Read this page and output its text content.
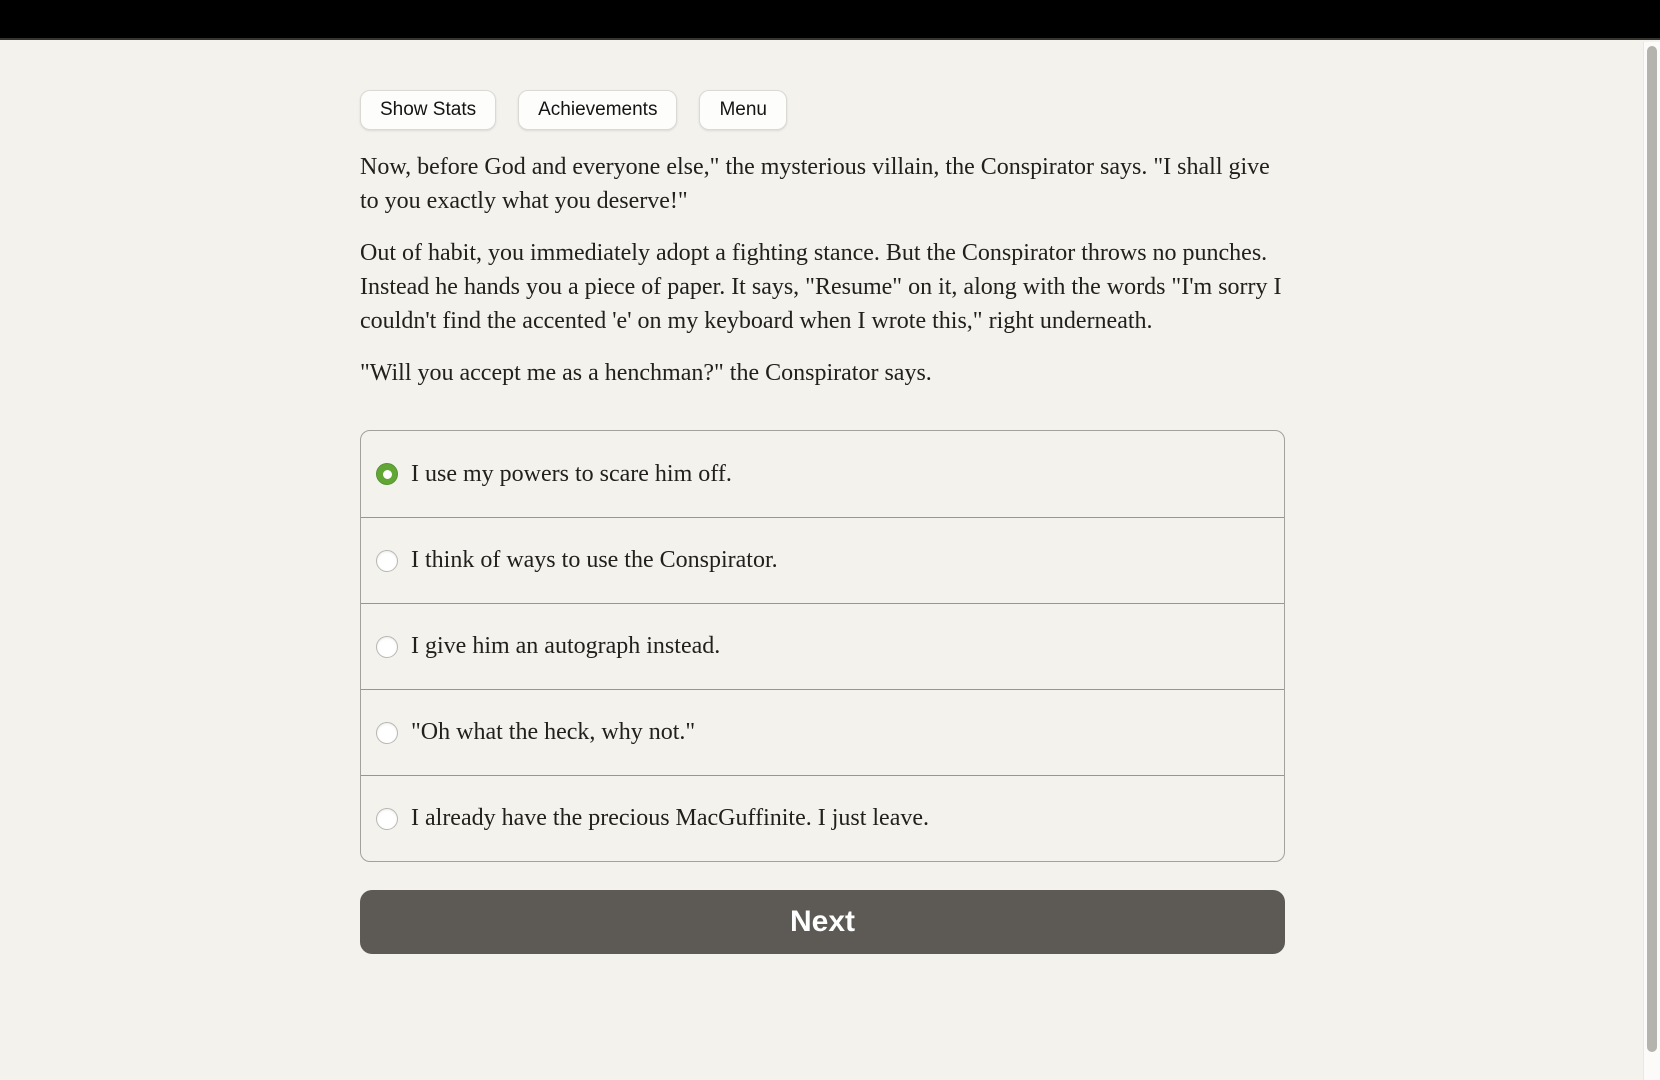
Show Stats	Achievements	Menu

Now, before God and everyone else," the mysterious villain, the Conspirator says. "I shall give to you exactly what you deserve!"

Out of habit, you immediately adopt a fighting stance. But the Conspirator throws no punches. Instead he hands you a piece of paper. It says, "Resume" on it, along with the words "I'm sorry I couldn't find the accented 'e' on my keyboard when I wrote this," right underneath.

"Will you accept me as a henchman?" the Conspirator says.

I use my powers to scare him off.
I think of ways to use the Conspirator.
I give him an autograph instead.
"Oh what the heck, why not."
I already have the precious MacGuffinite. I just leave.
Next
